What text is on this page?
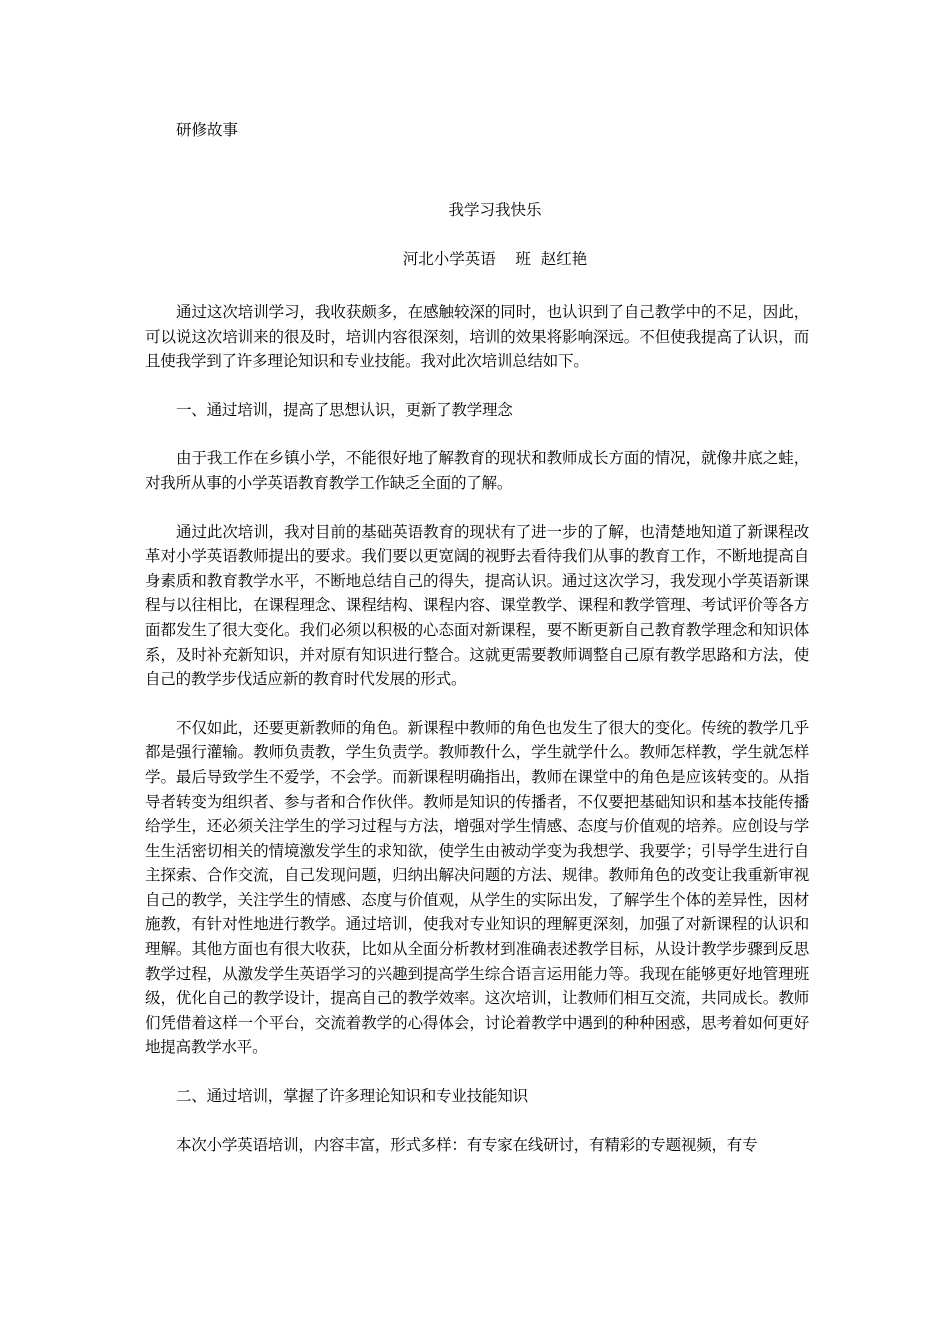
研修故事
我学习我快乐
河北小学英语    班  赵红艳

通过这次培训学习，我收获颇多，在感触较深的同时，也认识到了自己教学中的不足，因此，可以说这次培训来的很及时，培训内容很深刻，培训的效果将影响深远。不但使我提高了认识，而且使我学到了许多理论知识和专业技能。我对此次培训总结如下。

一、通过培训，提高了思想认识，更新了教学理念

由于我工作在乡镇小学，不能很好地了解教育的现状和教师成长方面的情况，就像井底之蛙，对我所从事的小学英语教育教学工作缺乏全面的了解。

通过此次培训，我对目前的基础英语教育的现状有了进一步的了解，也清楚地知道了新课程改革对小学英语教师提出的要求。我们要以更宽阔的视野去看待我们从事的教育工作，不断地提高自身素质和教育教学水平，不断地总结自己的得失，提高认识。通过这次学习，我发现小学英语新课程与以往相比，在课程理念、课程结构、课程内容、课堂教学、课程和教学管理、考试评价等各方面都发生了很大变化。我们必须以积极的心态面对新课程，要不断更新自己教育教学理念和知识体系，及时补充新知识，并对原有知识进行整合。这就更需要教师调整自己原有教学思路和方法，使自己的教学步伐适应新的教育时代发展的形式。

不仅如此，还要更新教师的角色。新课程中教师的角色也发生了很大的变化。传统的教学几乎都是强行灌输。教师负责教，学生负责学。教师教什么，学生就学什么。教师怎样教，学生就怎样学。最后导致学生不爱学，不会学。而新课程明确指出，教师在课堂中的角色是应该转变的。从指导者转变为组织者、参与者和合作伙伴。教师是知识的传播者，不仅要把基础知识和基本技能传播给学生，还必须关注学生的学习过程与方法，增强对学生情感、态度与价值观的培养。应创设与学生生活密切相关的情境激发学生的求知欲，使学生由被动学变为我想学、我要学；引导学生进行自主探索、合作交流，自己发现问题，归纳出解决问题的方法、规律。教师角色的改变让我重新审视自己的教学，关注学生的情感、态度与价值观，从学生的实际出发，了解学生个体的差异性，因材施教，有针对性地进行教学。通过培训，使我对专业知识的理解更深刻，加强了对新课程的认识和理解。其他方面也有很大收获，比如从全面分析教材到准确表述教学目标，从设计教学步骤到反思教学过程，从激发学生英语学习的兴趣到提高学生综合语言运用能力等。我现在能够更好地管理班级，优化自己的教学设计，提高自己的教学效率。这次培训，让教师们相互交流，共同成长。教师们凭借着这样一个平台，交流着教学的心得体会，讨论着教学中遇到的种种困惑，思考着如何更好地提高教学水平。

二、通过培训，掌握了许多理论知识和专业技能知识

本次小学英语培训，内容丰富，形式多样：有专家在线研讨，有精彩的专题视频，有专
